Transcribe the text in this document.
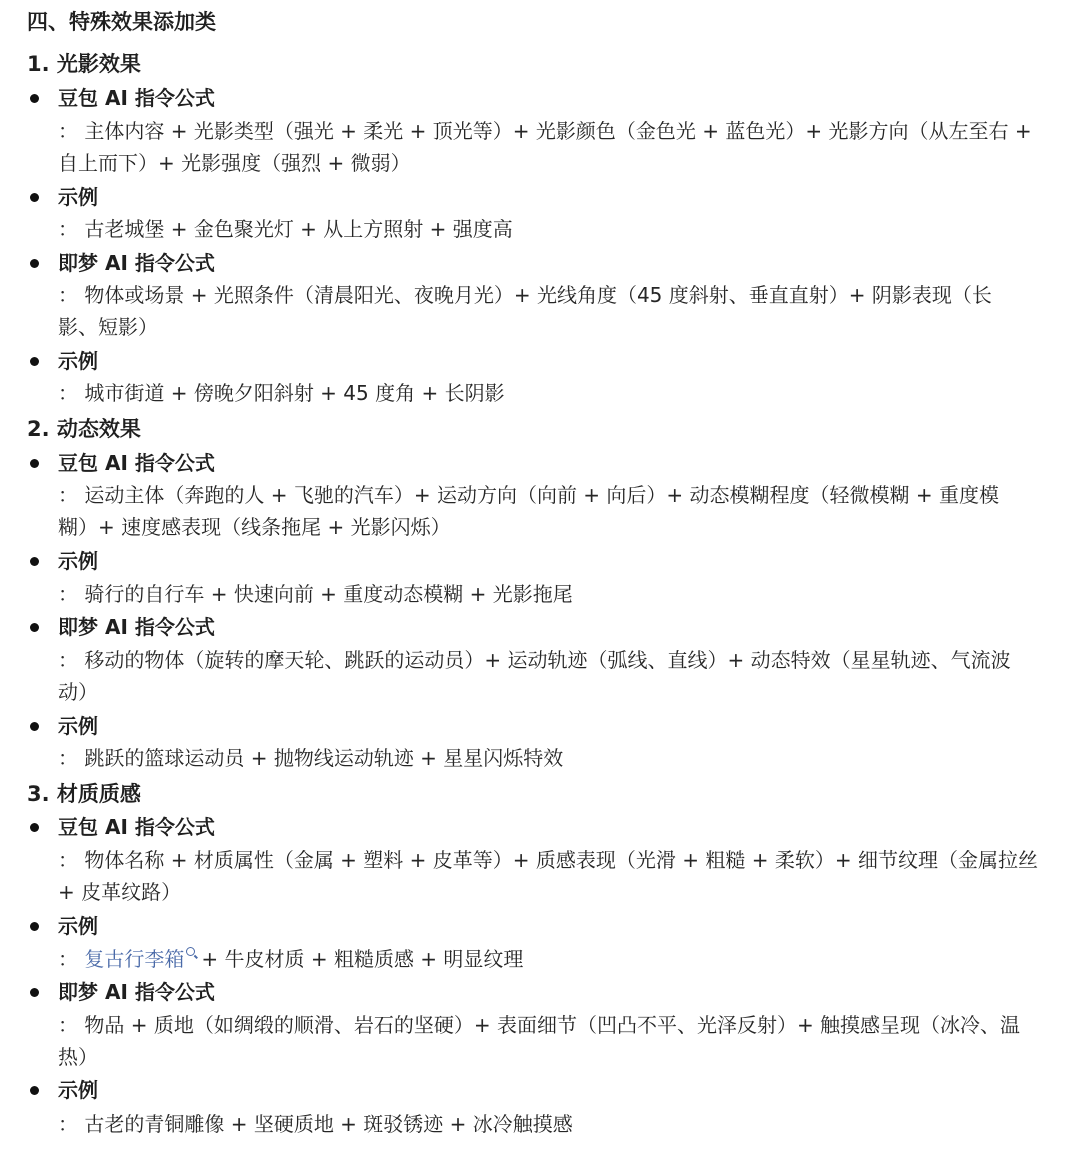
四、特殊效果添加类
1. 光影效果
豆包 AI 指令公式
： 主体内容 + 光影类型（强光 + 柔光 + 顶光等）+ 光影颜色（金色光 + 蓝色光）+ 光影方向（从左至右 +
自上而下）+ 光影强度（强烈 + 微弱）
示例
： 古老城堡 + 金色聚光灯 + 从上方照射 + 强度高
即梦 AI 指令公式
： 物体或场景 + 光照条件（清晨阳光、夜晚月光）+ 光线角度（45 度斜射、垂直直射）+ 阴影表现（长
影、短影）
示例
： 城市街道 + 傍晚夕阳斜射 + 45 度角 + 长阴影
2. 动态效果
豆包 AI 指令公式
： 运动主体（奔跑的人 + 飞驰的汽车）+ 运动方向（向前 + 向后）+ 动态模糊程度（轻微模糊 + 重度模
糊）+ 速度感表现（线条拖尾 + 光影闪烁）
示例
： 骑行的自行车 + 快速向前 + 重度动态模糊 + 光影拖尾
即梦 AI 指令公式
： 移动的物体（旋转的摩天轮、跳跃的运动员）+ 运动轨迹（弧线、直线）+ 动态特效（星星轨迹、气流波
动）
示例
： 跳跃的篮球运动员 + 抛物线运动轨迹 + 星星闪烁特效
3. 材质质感
豆包 AI 指令公式
： 物体名称 + 材质属性（金属 + 塑料 + 皮革等）+ 质感表现（光滑 + 粗糙 + 柔软）+ 细节纹理（金属拉丝
+ 皮革纹路）
示例
： 复古行李箱 + 牛皮材质 + 粗糙质感 + 明显纹理
即梦 AI 指令公式
： 物品 + 质地（如绸缎的顺滑、岩石的坚硬）+ 表面细节（凹凸不平、光泽反射）+ 触摸感呈现（冰冷、温
热）
示例
： 古老的青铜雕像 + 坚硬质地 + 斑驳锈迹 + 冰冷触摸感
